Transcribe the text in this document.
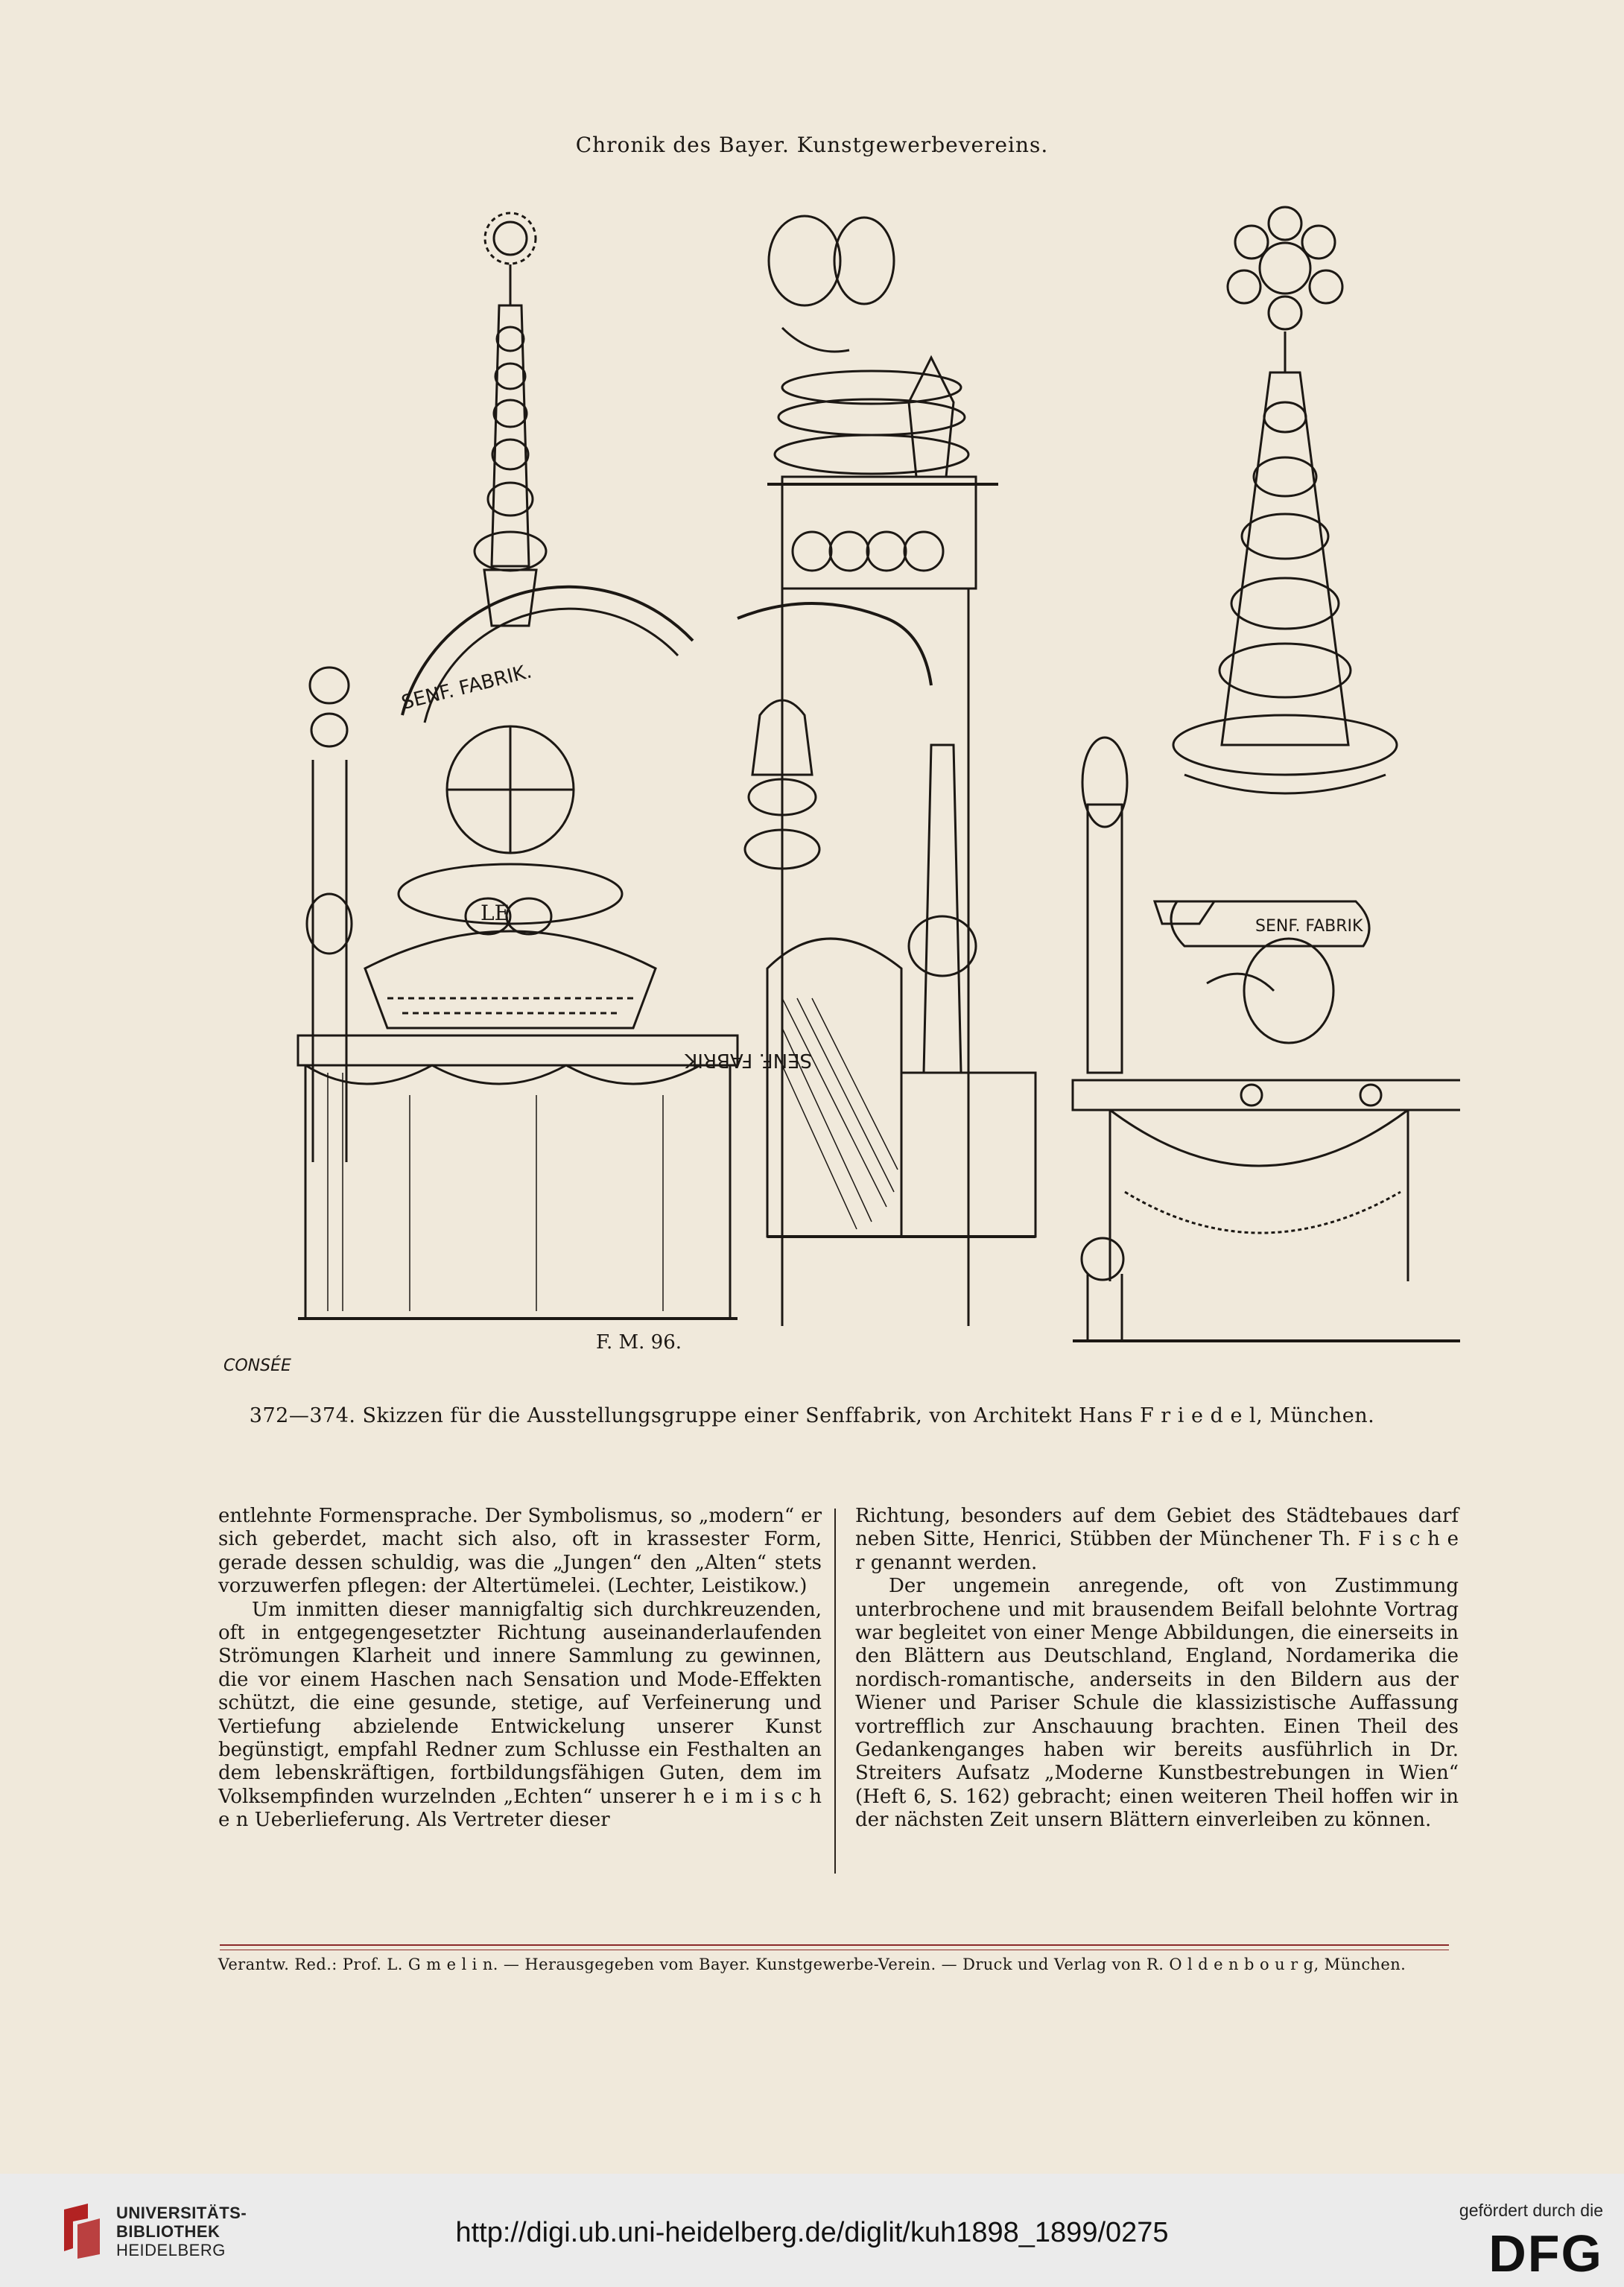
Chronik des Bayer. Kunstgewerbevereins.
SENF. FABRIK.
LE
CONSÉE
F. M. 96.
SENF. FABRIK
SENF. FABRIK
372—374. Skizzen für die Ausstellungsgruppe einer Senffabrik, von Architekt Hans F r i e d e l, München.

entlehnte Formensprache. Der Symbolismus, so „modern“ er sich geberdet, macht sich also, oft in krassester Form, gerade dessen schuldig, was die „Jungen“ den „Alten“ stets vorzuwerfen pflegen: der Altertümelei. (Lechter, Leistikow.)

Um inmitten dieser mannigfaltig sich durchkreuzenden, oft in entgegengesetzter Richtung auseinanderlaufenden Strömungen Klarheit und innere Sammlung zu gewinnen, die vor einem Haschen nach Sensation und Mode-Effekten schützt, die eine gesunde, stetige, auf Verfeinerung und Vertiefung abzielende Entwickelung unserer Kunst begünstigt, empfahl Redner zum Schlusse ein Festhalten an dem lebenskräftigen, fortbildungsfähigen Guten, dem im Volksempfinden wurzelnden „Echten“ unserer h e i m i s c h e n Ueberlieferung. Als Vertreter dieser

Richtung, besonders auf dem Gebiet des Städtebaues darf neben Sitte, Henrici, Stübben der Münchener Th. F i s c h e r genannt werden.

Der ungemein anregende, oft von Zustimmung unterbrochene und mit brausendem Beifall belohnte Vortrag war begleitet von einer Menge Abbildungen, die einerseits in den Blättern aus Deutschland, England, Nordamerika die nordisch-romantische, anderseits in den Bildern aus der Wiener und Pariser Schule die klassizistische Auffassung vortrefflich zur Anschauung brachten. Einen Theil des Gedankenganges haben wir bereits ausführlich in Dr. Streiters Aufsatz „Moderne Kunstbestrebungen in Wien“ (Heft 6, S. 162) gebracht; einen weiteren Theil hoffen wir in der nächsten Zeit unsern Blättern einverleiben zu können.

Verantw. Red.: Prof. L. G m e l i n. — Herausgegeben vom Bayer. Kunstgewerbe-Verein. — Druck und Verlag von R. O l d e n b o u r g, München.
UNIVERSITÄTS-
BIBLIOTHEK
HEIDELBERG
http://digi.ub.uni-heidelberg.de/diglit/kuh1898_1899/0275
gefördert durch die
DFG
